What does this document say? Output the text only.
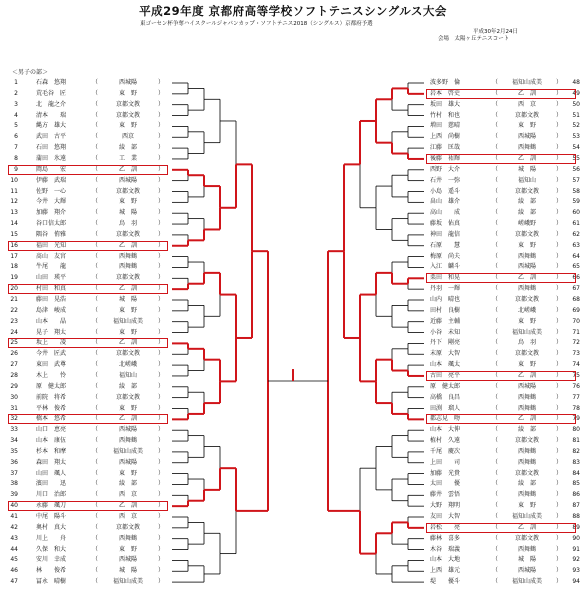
平成29年度 京都府高等学校ソフトテニスシングルス大会
東ゴーセン杯争奪ハイスクールジャパンカップ・ソフトテニス2018（シングルス）京都府予選
平成30年2月24日
会場　太陽ヶ丘テニスコート
＜男子の部＞
1	石森　悠翔	（	西城陽	）
2	荒毛谷　匠	（	東　野	）
3	北　龍之介	（	京都文教	）
4	清本　　瑞	（	京都文教	）
5	縄方　雄大	（	東　野	）
6	武田　古平	（	西京	）
7	石田　悠翔	（	綾　部	）
8	蒲田　氷遠	（	工　業	）
9	岡島　　宏	（	乙　訓	）
10	伊藤　武瑞	（	西城陽	）
11	佐野　一心	（	京都文教	）
12	今井　大輝	（	東　野	）
13	加藤　翔介	（	城　陽	）
14	谷口信太郎	（	鳥　羽	）
15	隅谷　侑雅	（	京都文教	）
16	福田　光知	（	乙　訓	）
17	髙山　友宮	（	西舞鶴	）
18	牛尾　　龍	（	西舞鶴	）
19	山田　瑛平	（	京都文教	）
20	村田　和真	（	乙　訓	）
21	藤田　晃浩	（	城　陽	）
22	島津　峻成	（	東　野	）
23	山本　　晶	（	福知山成美	）
24	晃子　翔太	（	東　野	）
25	坂上　　凌	（	乙　訓	）
26	今井　匠武	（	京都文教	）
27	東田　武尊	（	北嵯峨	）
28	木上　　怜	（	福知山	）
29	原　健太郎	（	綾　部	）
30	前院　将希	（	京都文教	）
31	平林　俊希	（	東　野	）
32	橋本　悠希	（	乙　訓	）
33	山口　恵亮	（	西城陽	）
34	山本　康伍	（	西舞鶴	）
35	杉本　和摩	（	福知山成美	）
36	森田　翔太	（	西城陽	）
37	山田　颯人	（	東　野	）
38	濱田　　迅	（	綾　部	）
39	川口　治郎	（	西　京	）
40	永藤　颯刀	（	乙　訓	）
41	中尾　陽斗	（	西　京	）
42	奥村　真大	（	京都文教	）
43	川上　　舟	（	西舞鶴	）
44	久保　和大	（	東　野	）
45	安川　幸成	（	西城陽	）
46	林　　俊希	（	城　陽	）
47	冨永　晴樹	（	福知山成美	）
波多野　倫	（	福知山成美	）	48
岩本　啓史	（	乙　訓	）	49
坂田　雄大	（	西　京	）	50
竹村　和也	（	京都文教	）	51
増田　慈晴	（	東　野	）	52
上西　尚樹	（	西城陽	）	53
江藤　匡哉	（	西舞鶴	）	54
後藤　祐輝	（	乙　訓	）	55
西野　大介	（	城　陽	）	56
石井　一弥	（	福知山	）	57
小島　遥斗	（	京都文教	）	58
畠山　雄介	（	綾　部	）	59
高山　　成	（	綾　部	）	60
藤坂　佑真	（	嵯峨野	）	61
神田　龍信	（	京都文教	）	62
石原　　慧	（	東　野	）	63
梅原　尚夫	（	西舞鶴	）	64
入江　麟斗	（	西城陽	）	65
栗田　和晃	（	乙　訓	）	66
丹羽　一輝	（	西舞鶴	）	67
山内　晴也	（	京都文教	）	68
田村　良樹	（	北嵯峨	）	69
近藤　主輔	（	東　野	）	70
小谷　未知	（	福知山成美	）	71
丹下　剛亮	（	鳥　羽	）	72
末原　大智	（	京都文教	）	73
山本　颯太	（	東　野	）	74
古田　亮平	（	乙　訓	）	75
原　健太郎	（	西城陽	）	76
高橋　良昌	（	西舞鶴	）	77
田渕　瑠人	（	西舞鶴	）	78
都志見　吻	（	乙　訓	）	79
山本　大伸	（	綾　部	）	80
植村　久遠	（	京都文教	）	81
千尾　慶次	（	西舞鶴	）	82
上田　　司	（	西舞鶴	）	83
加藤　光貴	（	京都文教	）	84
太田　　優	（	綾　部	）	85
藤井　雲悟	（	西舞鶴	）	86
大野　翔明	（	東　野	）	87
友田　大智	（	福知山成美	）	88
岩松　　亮	（	乙　訓	）	89
藤林　喜多	（	京都文教	）	90
木谷　瑞義	（	西舞鶴	）	91
山本　大地	（	城　陽	）	92
上西　雄元	（	西城陽	）	93
堤　　優斗	（	福知山成美	）	94
